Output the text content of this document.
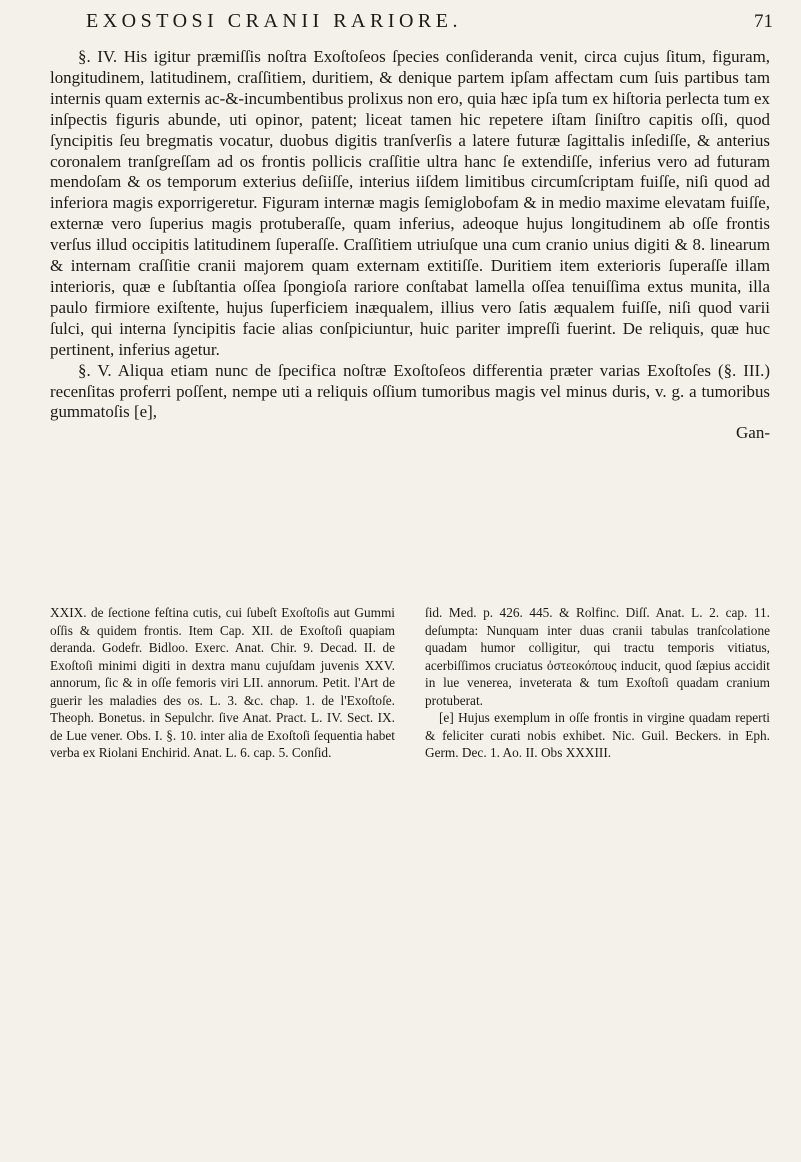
EXOSTOSI CRANII RARIORE.	71

§. IV. His igitur præmiſſis noſtra Exoſtoſeos ſpecies conſideranda venit, circa cujus ſitum, figuram, longitudinem, latitudinem, craſſitiem, duritiem, & denique partem ipſam affectam cum ſuis partibus tam internis quam externis ac-&-incumbentibus prolixus non ero, quia hæc ipſa tum ex hiſtoria perlecta tum ex inſpectis figuris abunde, uti opinor, patent; liceat tamen hic repetere iſtam ſiniſtro capitis oſſi, quod ſyncipitis ſeu bregmatis vocatur, duobus digitis tranſverſis a latere futuræ ſagittalis inſediſſe, & anterius coronalem tranſgreſſam ad os frontis pollicis craſſitie ultra hanc ſe extendiſſe, inferius vero ad futuram mendoſam & os temporum exterius deſiiſſe, interius iiſdem limitibus circumſcriptam fuiſſe, niſi quod ad inferiora magis exporrigeretur. Figuram internæ magis ſemiglobofam & in medio maxime elevatam fuiſſe, externæ vero ſuperius magis protuberaſſe, quam inferius, adeoque hujus longitudinem ab oſſe frontis verſus illud occipitis latitudinem ſuperaſſe. Craſſitiem utriuſque una cum cranio unius digiti & 8. linearum & internam craſſitie cranii majorem quam externam extitiſſe. Duritiem item exterioris ſuperaſſe illam interioris, quæ e ſubſtantia oſſea ſpongioſa rariore conſtabat lamella oſſea tenuiſſima extus munita, illa paulo firmiore exiſtente, hujus ſuperficiem inæqualem, illius vero ſatis æqualem fuiſſe, niſi quod varii ſulci, qui interna ſyncipitis facie alias conſpiciuntur, huic pariter impreſſi fuerint. De reliquis, quæ huc pertinent, inferius agetur.

§. V. Aliqua etiam nunc de ſpecifica noſtræ Exoſtoſeos differentia præter varias Exoſtoſes (§. III.) recenſitas proferri poſſent, nempe uti a reliquis oſſium tumoribus magis vel minus duris, v. g. a tumoribus gummatoſis [e],

Gan-

XXIX. de ſectione feſtina cutis, cui ſubeſt Exoſtoſis aut Gummi oſſis & quidem frontis. Item Cap. XII. de Exoſtoſi quapiam deranda. Godefr. Bidloo. Exerc. Anat. Chir. 9. Decad. II. de Exoſtoſi minimi digiti in dextra manu cujuſdam juvenis XXV. annorum, ſic & in oſſe femoris viri LII. annorum. Petit. l'Art de guerir les maladies des os. L. 3. &c. chap. 1. de l'Exoſtoſe. Theoph. Bonetus. in Sepulchr. ſive Anat. Pract. L. IV. Sect. IX. de Lue vener. Obs. I. §. 10. inter alia de Exoſtoſi ſequentia habet verba ex Riolani Enchirid. Anat. L. 6. cap. 5. Conſid.

ſid. Med. p. 426. 445. & Rolfinc. Diſſ. Anat. L. 2. cap. 11. deſumpta: Nunquam inter duas cranii tabulas tranſcolatione quadam humor colligitur, qui tractu temporis vitiatus, acerbiſſimos cruciatus ὀστεοκόπους inducit, quod ſæpius accidit in lue venerea, inveterata & tum Exoſtoſi quadam cranium protuberat.

[e] Hujus exemplum in oſſe frontis in virgine quadam reperti & feliciter curati nobis exhibet. Nic. Guil. Beckers. in Eph. Germ. Dec. 1. Ao. II. Obs XXXIII.
